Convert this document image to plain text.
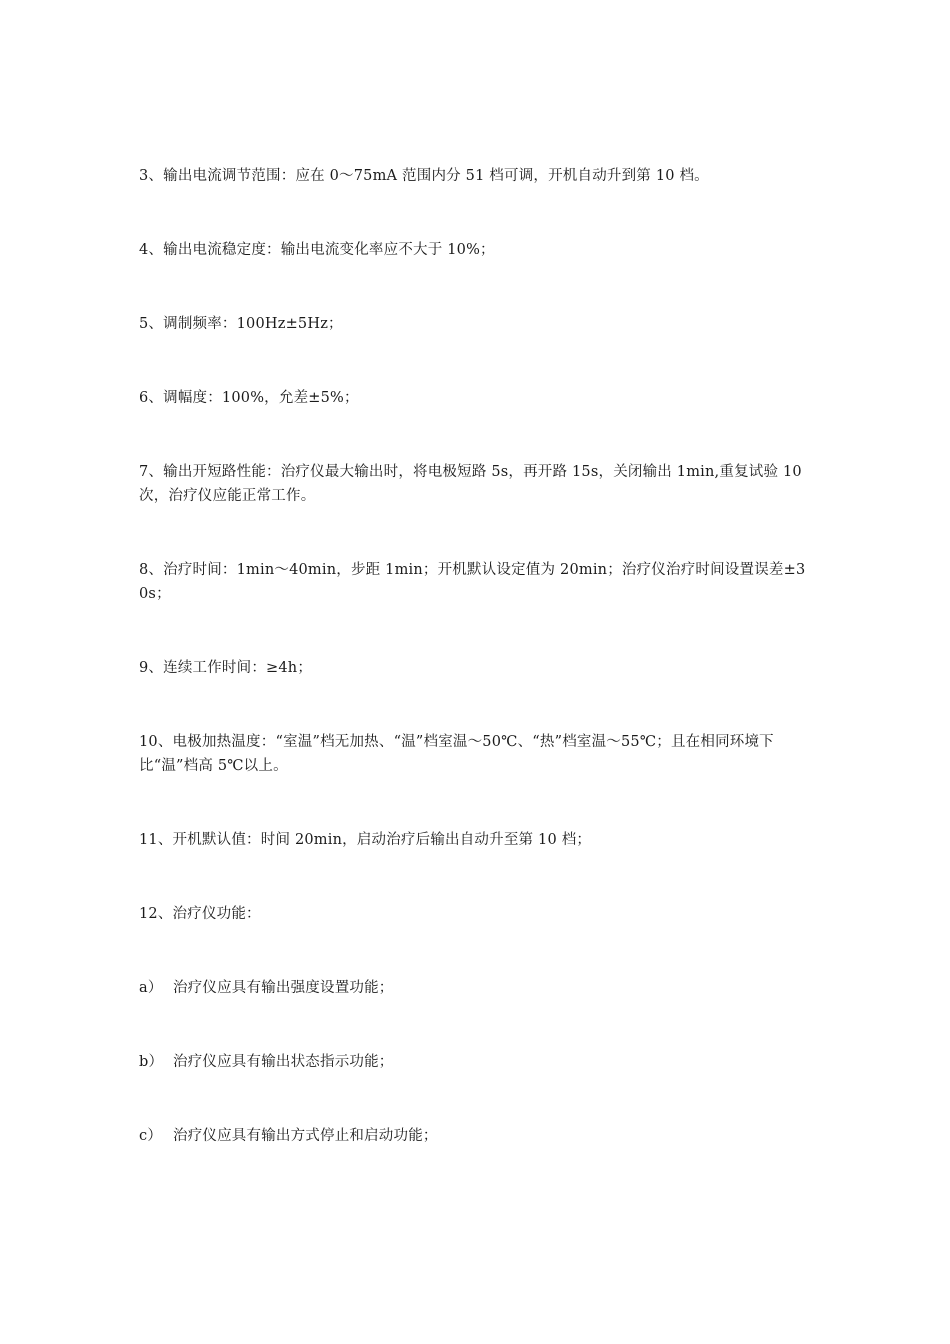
3、输出电流调节范围：应在 0～75mA 范围内分 51 档可调，开机自动升到第 10 档。

4、输出电流稳定度：输出电流变化率应不大于 10%；

5、调制频率：100Hz±5Hz；

6、调幅度：100%，允差±5%；

7、输出开短路性能：治疗仪最大输出时，将电极短路 5s，再开路 15s，关闭输出 1min,重复试验 10 次，治疗仪应能正常工作。

8、治疗时间：1min～40min，步距 1min；开机默认设定值为 20min；治疗仪治疗时间设置误差±30s；

9、连续工作时间：≥4h；

10、电极加热温度：“室温”档无加热、“温”档室温～50℃、“热”档室温～55℃；且在相同环境下比“温”档高 5℃以上。

11、开机默认值：时间 20min，启动治疗后输出自动升至第 10 档；

12、治疗仪功能：

a） 治疗仪应具有输出强度设置功能；
b） 治疗仪应具有输出状态指示功能；
c） 治疗仪应具有输出方式停止和启动功能；
